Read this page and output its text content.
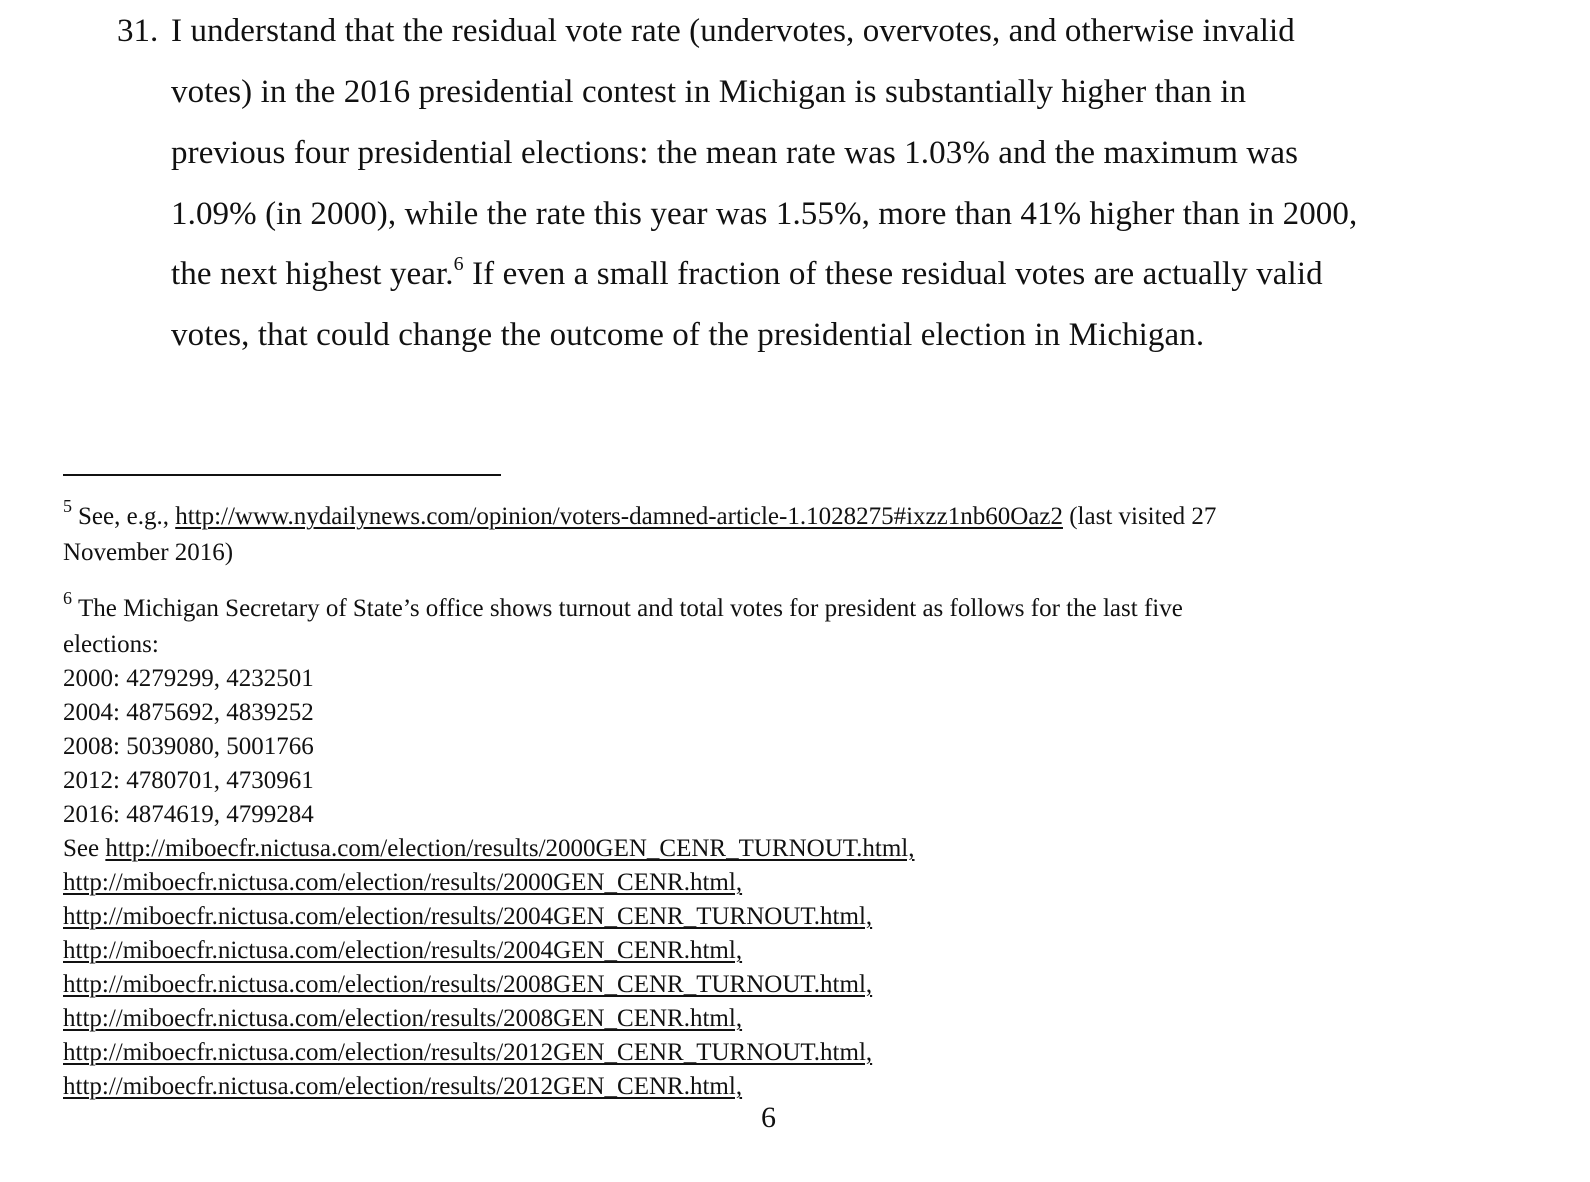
31. I understand that the residual vote rate (undervotes, overvotes, and otherwise invalid
votes) in the 2016 presidential contest in Michigan is substantially higher than in
previous four presidential elections: the mean rate was 1.03% and the maximum was
1.09% (in 2000), while the rate this year was 1.55%, more than 41% higher than in 2000,
the next highest year.$^6$ If even a small fraction of these residual votes are actually valid
votes, that could change the outcome of the presidential election in Michigan.
$^5$ See, e.g., http://www.nydailynews.com/opinion/voters-damned-article-1.1028275#ixzz1nb60Oaz2 (last visited 27
November 2016)
$^6$ The Michigan Secretary of State’s office shows turnout and total votes for president as follows for the last five
elections:
2000: 4279299, 4232501
2004: 4875692, 4839252
2008: 5039080, 5001766
2012: 4780701, 4730961
2016: 4874619, 4799284
See http://miboecfr.nictusa.com/election/results/2000GEN_CENR_TURNOUT.html,
http://miboecfr.nictusa.com/election/results/2000GEN_CENR.html,
http://miboecfr.nictusa.com/election/results/2004GEN_CENR_TURNOUT.html,
http://miboecfr.nictusa.com/election/results/2004GEN_CENR.html,
http://miboecfr.nictusa.com/election/results/2008GEN_CENR_TURNOUT.html,
http://miboecfr.nictusa.com/election/results/2008GEN_CENR.html,
http://miboecfr.nictusa.com/election/results/2012GEN_CENR_TURNOUT.html,
http://miboecfr.nictusa.com/election/results/2012GEN_CENR.html,
6
